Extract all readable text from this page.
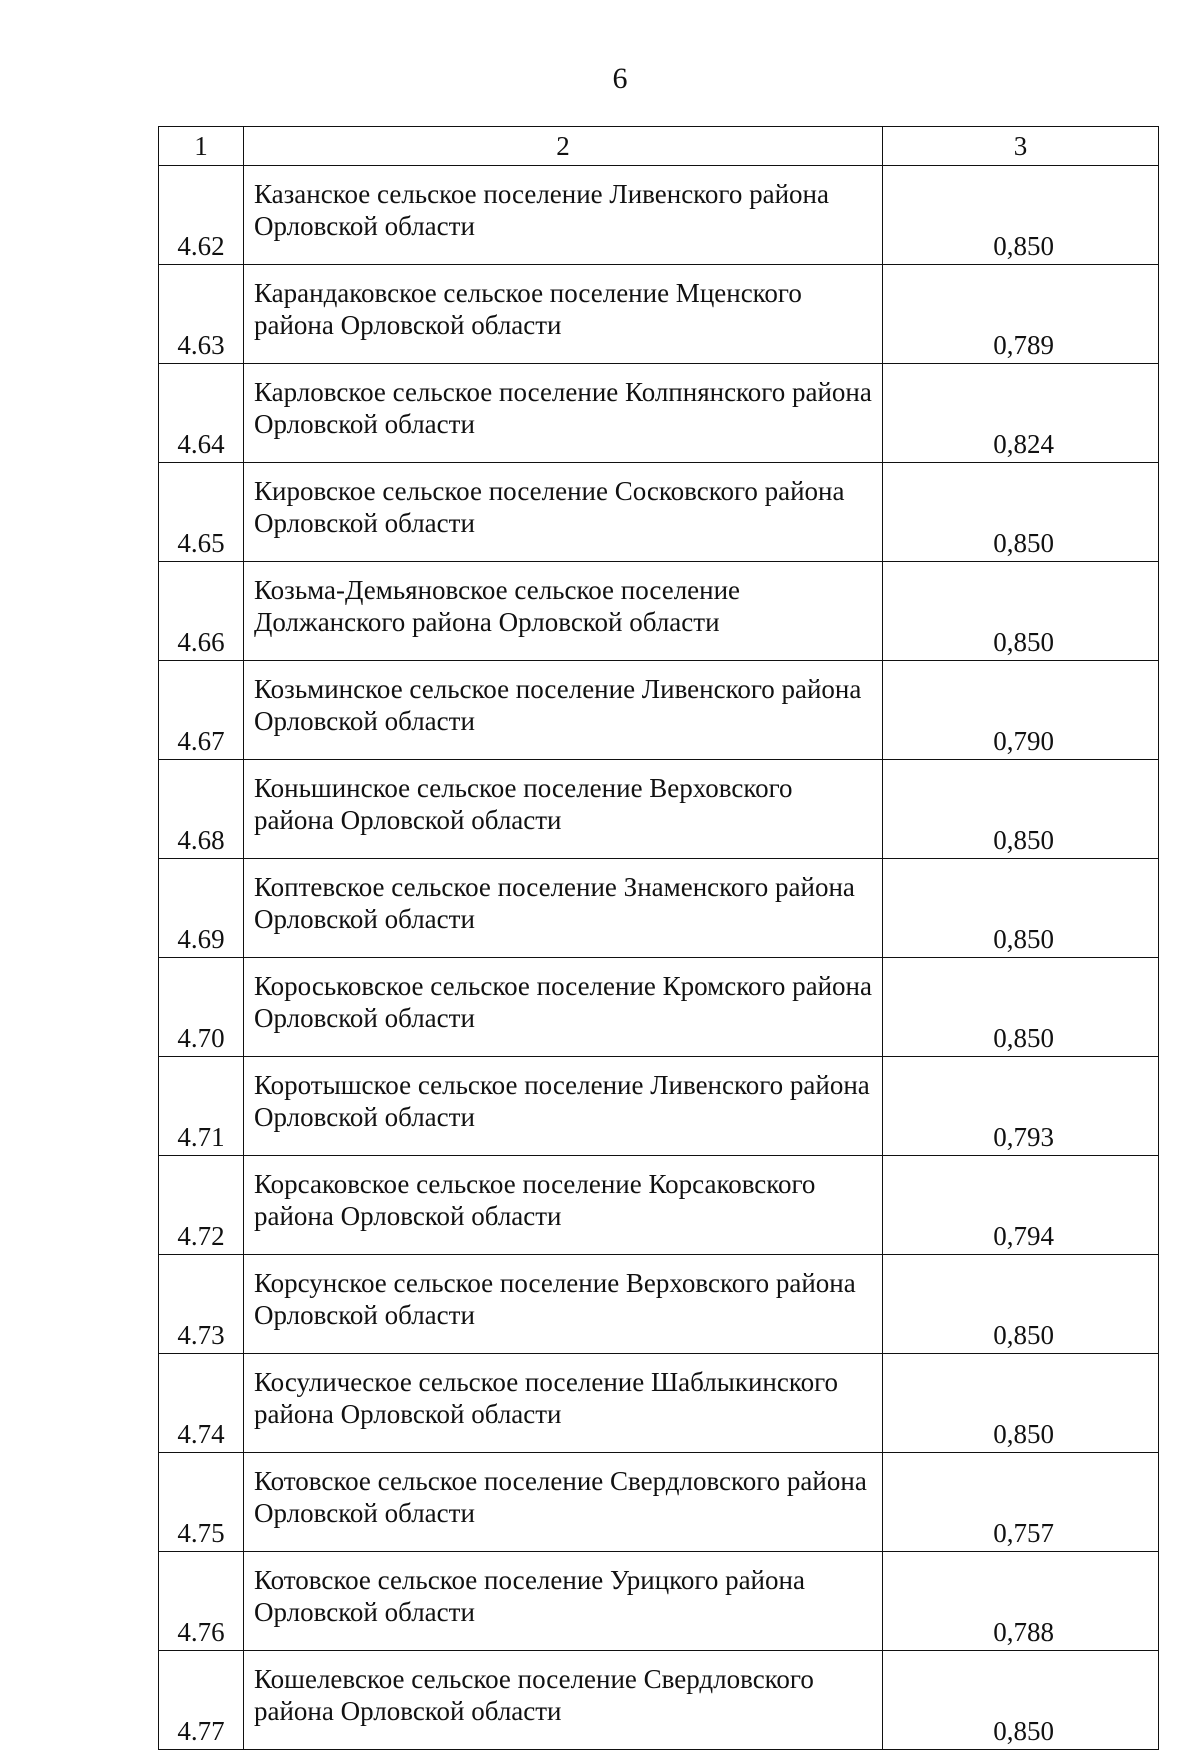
6
1	2	3
4.62	Казанское сельское поселение Ливенского района Орловской области	0,850
4.63	Карандаковское сельское поселение Мценского района Орловской области	0,789
4.64	Карловское сельское поселение Колпнянского района Орловской области	0,824
4.65	Кировское сельское поселение Сосковского района Орловской области	0,850
4.66	Козьма-Демьяновское сельское поселение Должанского района Орловской области	0,850
4.67	Козьминское сельское поселение Ливенского района Орловской области	0,790
4.68	Коньшинское сельское поселение Верховского района Орловской области	0,850
4.69	Коптевское сельское поселение Знаменского района Орловской области	0,850
4.70	Короськовское сельское поселение Кромского района Орловской области	0,850
4.71	Коротышское сельское поселение Ливенского района Орловской области	0,793
4.72	Корсаковское сельское поселение Корсаковского района Орловской области	0,794
4.73	Корсунское сельское поселение Верховского района Орловской области	0,850
4.74	Косуличеcкое сельское поселение Шаблыкинского района Орловской области	0,850
4.75	Котовское сельское поселение Свердловского района Орловской области	0,757
4.76	Котовское сельское поселение Урицкого района Орловской области	0,788
4.77	Кошелевское сельское поселение Свердловского района Орловской области	0,850
